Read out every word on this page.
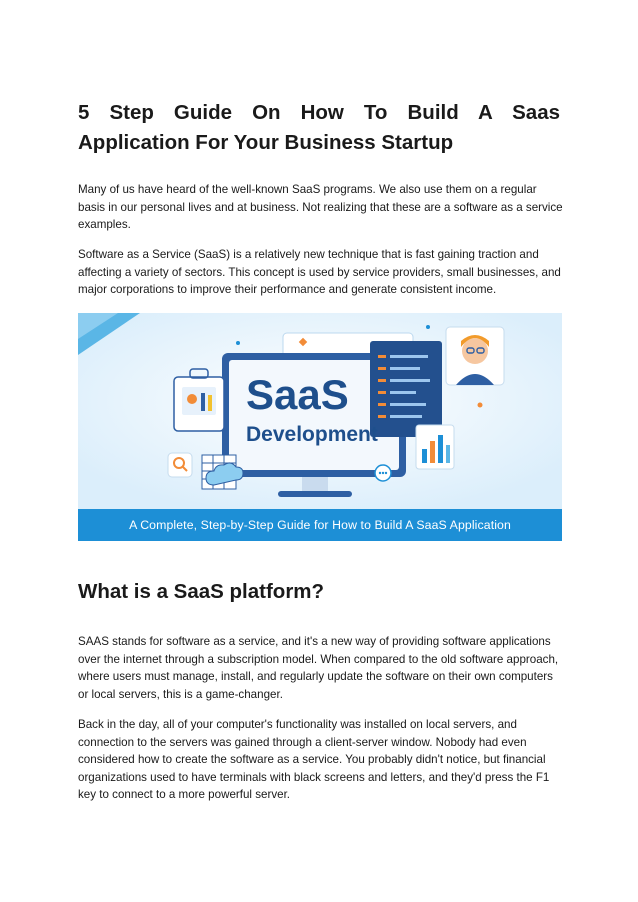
5 Step Guide On How To Build A Saas Application For Your Business Startup
Many of us have heard of the well-known SaaS programs. We also use them on a regular basis in our personal lives and at business. Not realizing that these are a software as a service examples.
Software as a Service (SaaS) is a relatively new technique that is fast gaining traction and affecting a variety of sectors. This concept is used by service providers, small businesses, and major corporations to improve their performance and generate consistent income.
SaaS
Development
A Complete, Step-by-Step Guide for How to Build A SaaS Application
What is a SaaS platform?
SAAS stands for software as a service, and it's a new way of providing software applications over the internet through a subscription model. When compared to the old software approach, where users must manage, install, and regularly update the software on their own computers or local servers, this is a game-changer.
Back in the day, all of your computer's functionality was installed on local servers, and connection to the servers was gained through a client-server window. Nobody had even considered how to create the software as a service. You probably didn't notice, but financial organizations used to have terminals with black screens and letters, and they'd press the F1 key to connect to a more powerful server.
